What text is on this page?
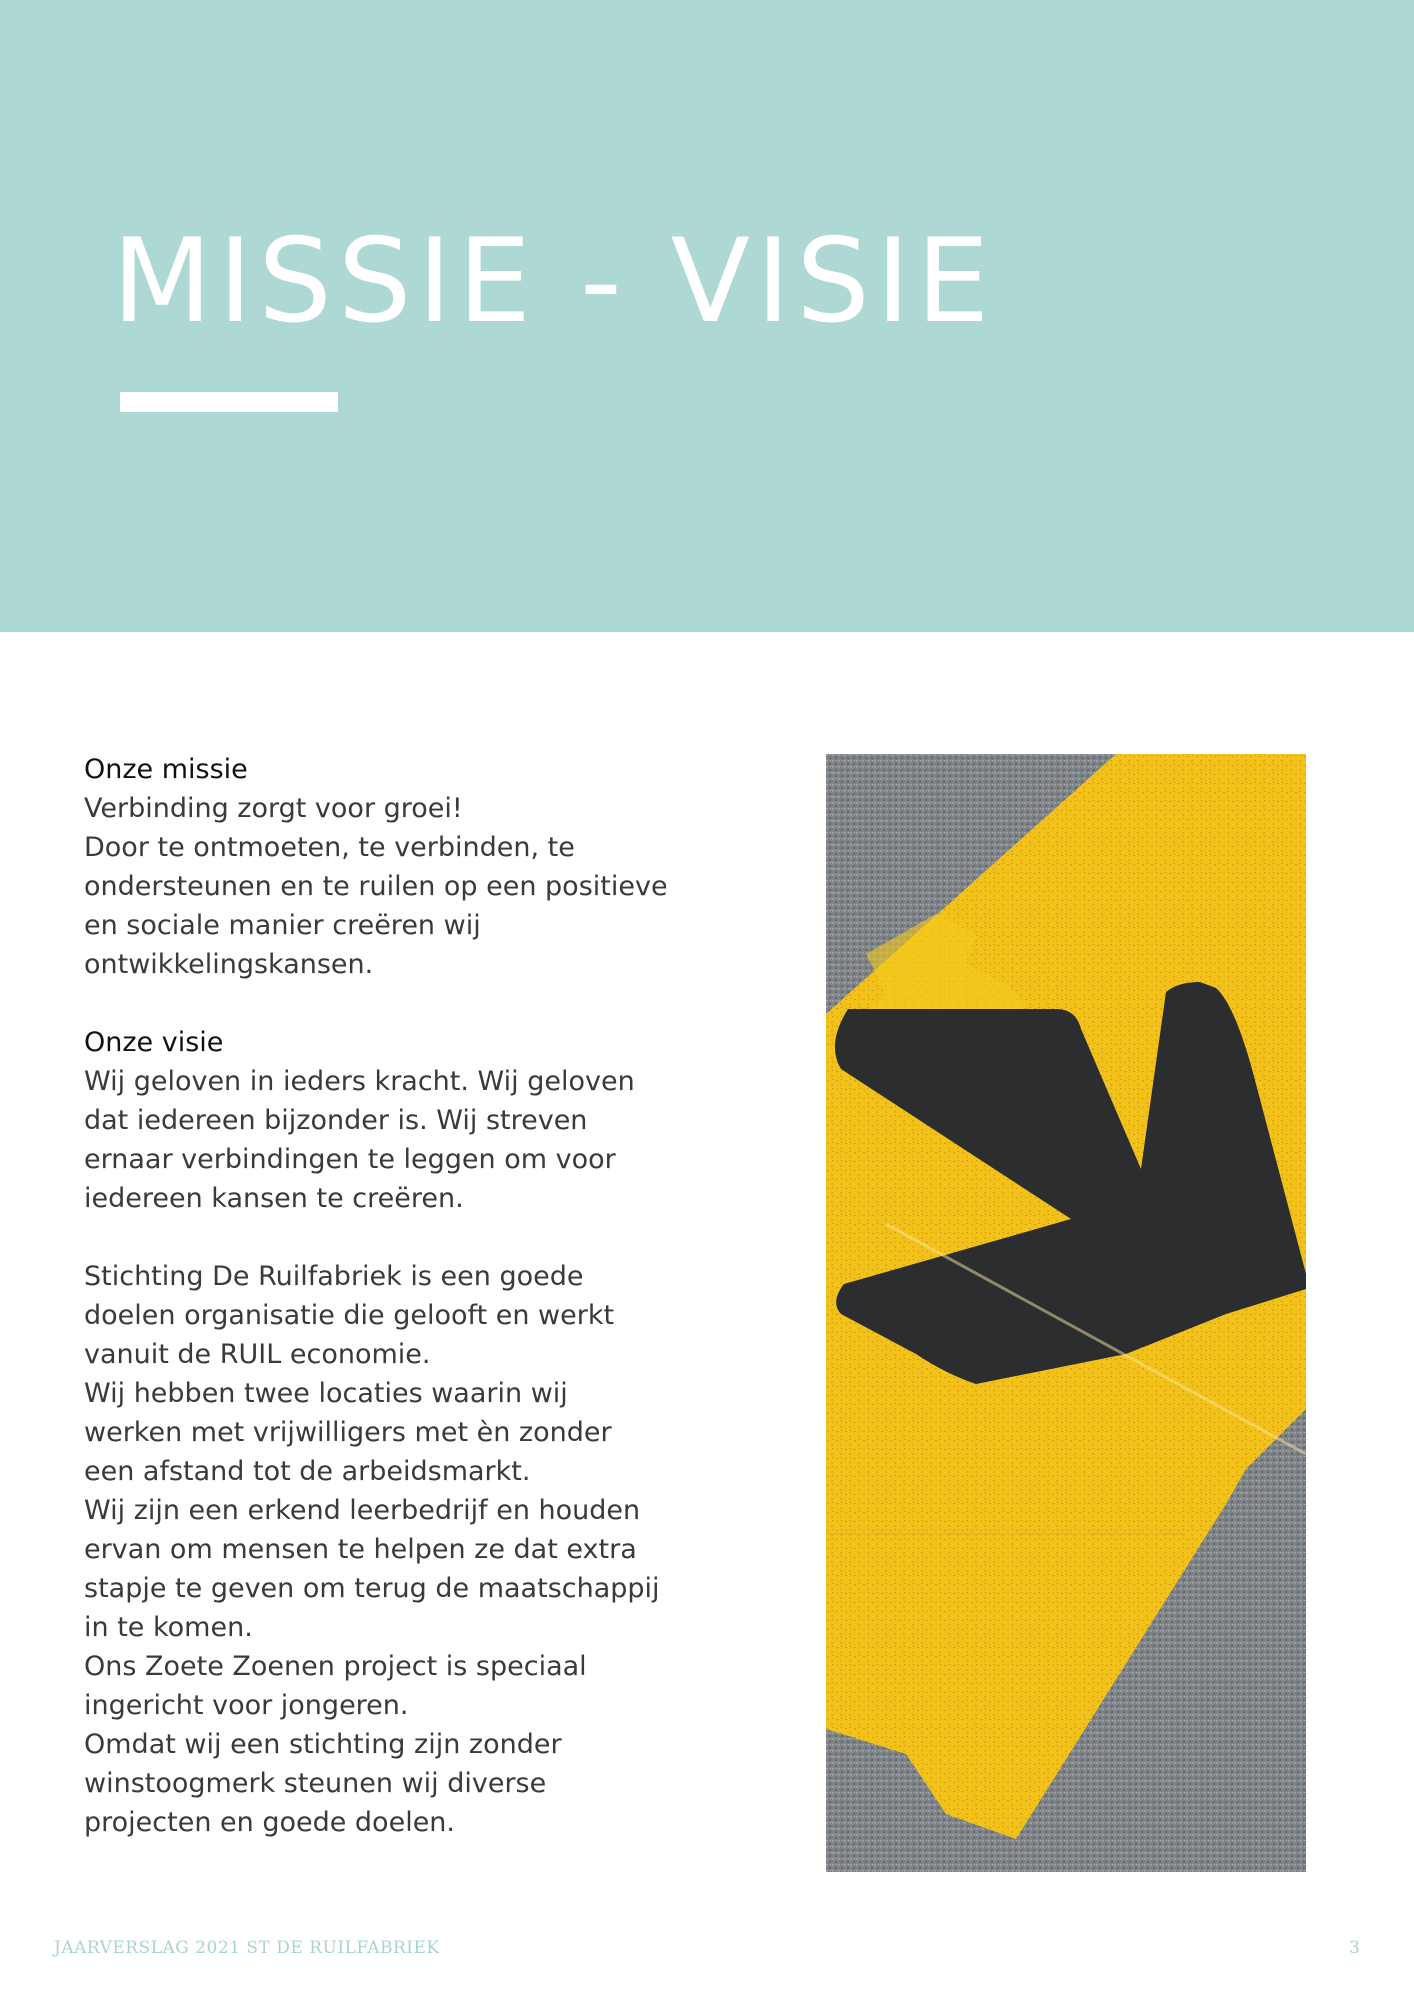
MISSIE - VISIE

Onze missie

Verbinding zorgt voor groei!

Door te ontmoeten, te verbinden, te

ondersteunen en te ruilen op een positieve

en sociale manier creëren wij

ontwikkelingskansen.

Onze visie

Wij geloven in ieders kracht. Wij geloven

dat iedereen bijzonder is. Wij streven

ernaar verbindingen te leggen om voor

iedereen kansen te creëren.

Stichting De Ruilfabriek is een goede

doelen organisatie die gelooft en werkt

vanuit de RUIL economie.

Wij hebben twee locaties waarin wij

werken met vrijwilligers met èn zonder

een afstand tot de arbeidsmarkt.

Wij zijn een erkend leerbedrijf en houden

ervan om mensen te helpen ze dat extra

stapje te geven om terug de maatschappij

in te komen.

Ons Zoete Zoenen project is speciaal

ingericht voor jongeren.

Omdat wij een stichting zijn zonder

winstoogmerk steunen wij diverse

projecten en goede doelen.

JAARVERSLAG 2021 ST DE RUILFABRIEK	3
